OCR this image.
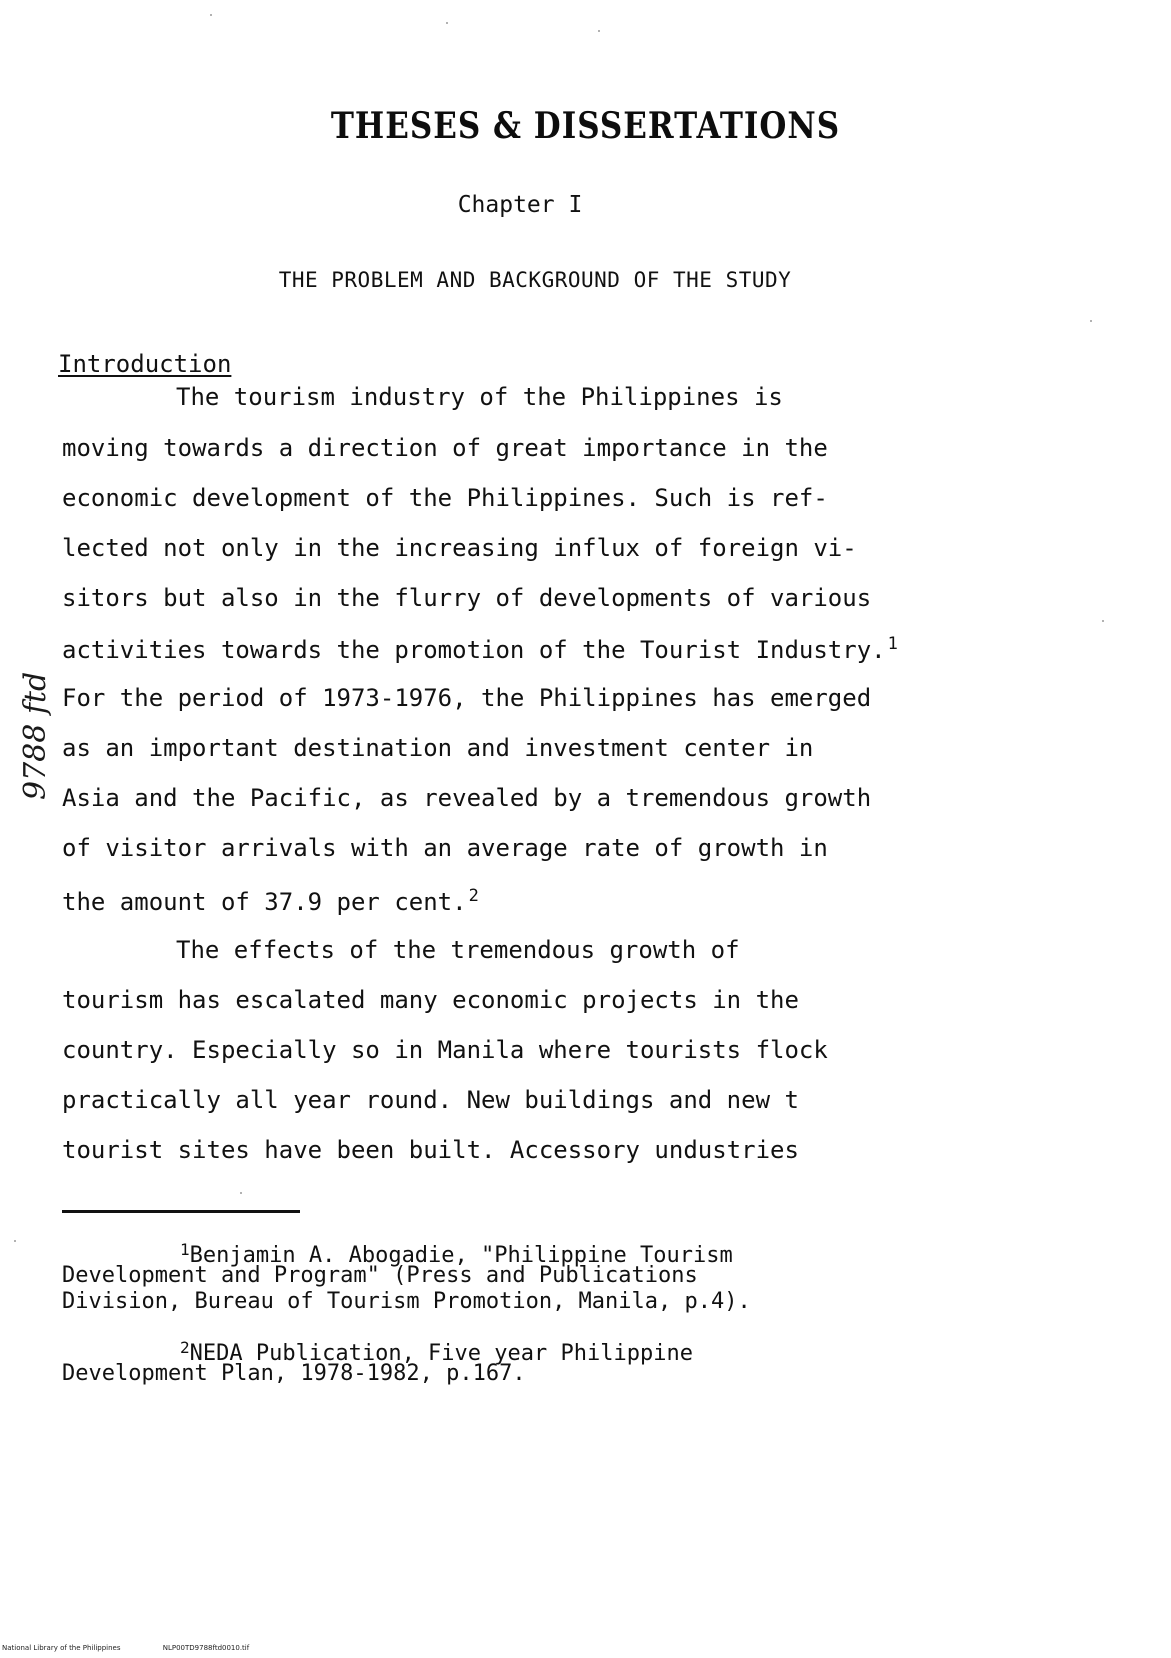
THESES & DISSERTATIONS
Chapter I
THE PROBLEM AND BACKGROUND OF THE STUDY
Introduction
9788 ftd
The tourism industry of the Philippines is
moving towards a direction of great importance in the
economic development of the Philippines. Such is ref-
lected not only in the increasing influx of foreign vi-
sitors but also in the flurry of developments of various
activities towards the promotion of the Tourist Industry. $^1$
For the period of 1973-1976, the Philippines has emerged
as an important destination and investment center in
Asia and the Pacific, as revealed by a tremendous growth
of visitor arrivals with an average rate of growth in
the amount of 37.9 per cent. $^2$
The effects of the tremendous growth of
tourism has escalated many economic projects in the
country. Especially so in Manila where tourists flock
practically all year round. New buildings and new t
tourist sites have been built. Accessory undustries
$^1$Benjamin A. Abogadie, "Philippine Tourism
Development and Program" (Press and Publications
Division, Bureau of Tourism Promotion, Manila, p.4).
$^2$NEDA Publication, Five year Philippine
Development Plan, 1978-1982, p.167.
National Library of the Philippines	NLP00TD9788ftd0010.tif
